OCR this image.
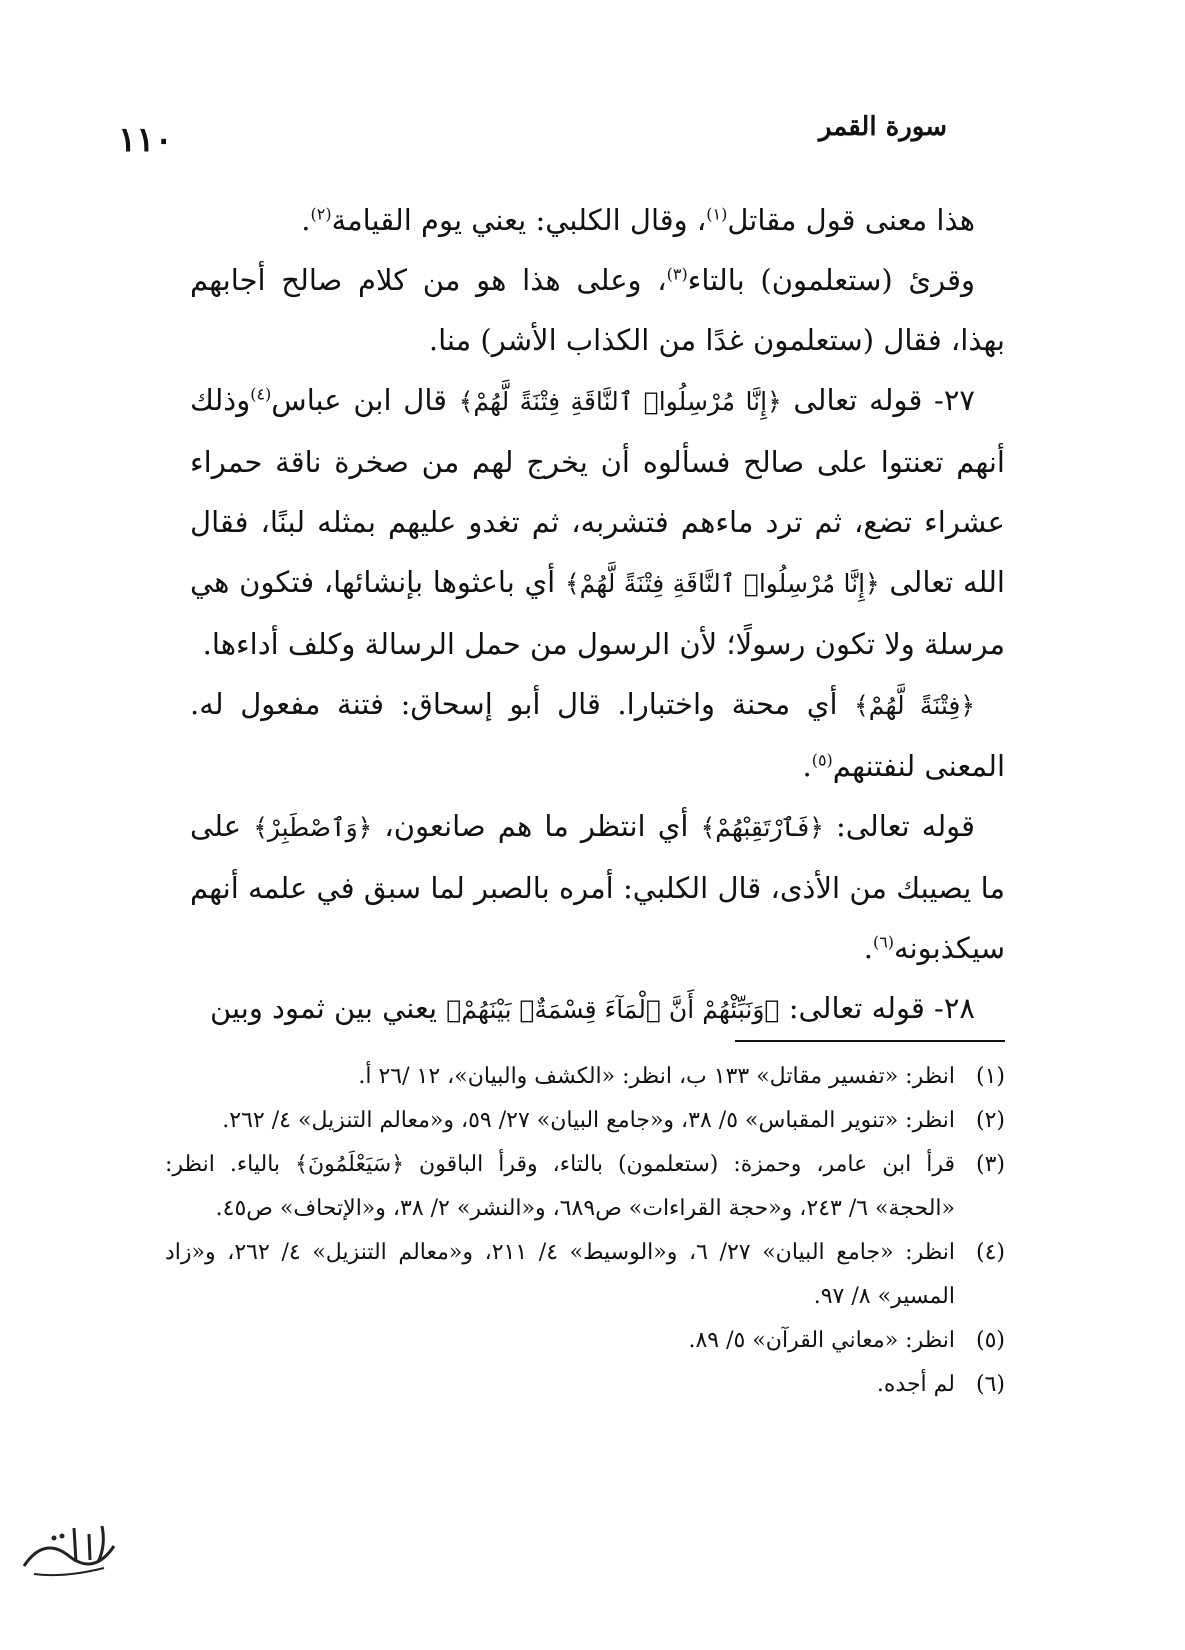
١١٠	سورة القمر

هذا معنى قول مقاتل$^{(١)}$، وقال الكلبي: يعني يوم القيامة$^{(٢)}$.

وقرئ (ستعلمون) بالتاء$^{(٣)}$، وعلى هذا هو من كلام صالح أجابهم بهذا، فقال (ستعلمون غدًا من الكذاب الأشر) منا.

٢٧- قوله تعالى ﴿إِنَّا مُرْسِلُوا۟ ٱلنَّاقَةِ فِتْنَةً لَّهُمْ﴾ قال ابن عباس$^{(٤)}$وذلك أنهم تعنتوا على صالح فسألوه أن يخرج لهم من صخرة ناقة حمراء عشراء تضع، ثم ترد ماءهم فتشربه، ثم تغدو عليهم بمثله لبنًا، فقال الله تعالى ﴿إِنَّا مُرْسِلُوا۟ ٱلنَّاقَةِ فِتْنَةً لَّهُمْ﴾ أي باعثوها بإنشائها، فتكون هي مرسلة ولا تكون رسولًا؛ لأن الرسول من حمل الرسالة وكلف أداءها.

﴿فِتْنَةً لَّهُمْ﴾ أي محنة واختبارا. قال أبو إسحاق: فتنة مفعول له. المعنى لنفتنهم$^{(٥)}$.

قوله تعالى: ﴿فَٱرْتَقِبْهُمْ﴾ أي انتظر ما هم صانعون، ﴿وَٱصْطَبِرْ﴾ على ما يصيبك من الأذى، قال الكلبي: أمره بالصبر لما سبق في علمه أنهم سيكذبونه$^{(٦)}$.

٢٨- قوله تعالى: ﴿وَنَبِّئْهُمْ أَنَّ ٱلْمَآءَ قِسْمَةٌۢ بَيْنَهُمْ﴾ يعني بين ثمود وبين

(١)
انظر: «تفسير مقاتل» ١٣٣ ب، انظر: «الكشف والبيان»، ١٢ /٢٦ أ.
(٢)
انظر: «تنوير المقباس» ٥/ ٣٨، و«جامع البيان» ٢٧/ ٥٩، و«معالم التنزيل» ٤/ ٢٦٢.
(٣)
قرأ ابن عامر، وحمزة: (ستعلمون) بالتاء، وقرأ الباقون ﴿سَيَعْلَمُونَ﴾ بالياء. انظر: «الحجة» ٦/ ٢٤٣، و«حجة القراءات» ص٦٨٩، و«النشر» ٢/ ٣٨، و«الإتحاف» ص٤٥.
(٤)
انظر: «جامع البيان» ٢٧/ ٦، و«الوسيط» ٤/ ٢١١، و«معالم التنزيل» ٤/ ٢٦٢، و«زاد المسير» ٨/ ٩٧.
(٥)
انظر: «معاني القرآن» ٥/ ٨٩.
(٦)
لم أجده.
